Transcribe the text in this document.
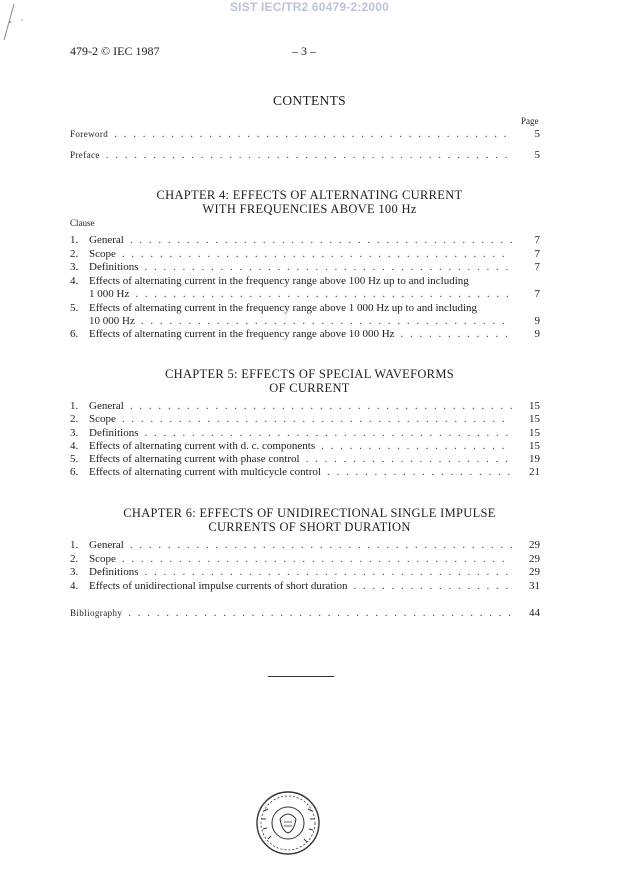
SIST IEC/TR2 60479-2:2000
479-2 © IEC 1987	– 3 –
CONTENTS
Page
Foreword . . .	5
Preface . . .	5
CHAPTER 4: EFFECTS OF ALTERNATING CURRENT
WITH FREQUENCIES ABOVE 100 Hz
Clause
1. General . . .	7
2. Scope . . .	7
3. Definitions . . .	7
4. Effects of alternating current in the frequency range above 100 Hz up to and including
1 000 Hz . . .	7
5. Effects of alternating current in the frequency range above 1 000 Hz up to and including
10 000 Hz . . .	9
6. Effects of alternating current in the frequency range above 10 000 Hz . . .	9
CHAPTER 5: EFFECTS OF SPECIAL WAVEFORMS
OF CURRENT
1. General . . .	15
2. Scope . . .	15
3. Definitions . . .	15
4. Effects of alternating current with d. c. components . . .	15
5. Effects of alternating current with phase control . . .	19
6. Effects of alternating current with multicycle control . . .	21
CHAPTER 6: EFFECTS OF UNIDIRECTIONAL SINGLE IMPULSE
CURRENTS OF SHORT DURATION
1. General . . .	29
2. Scope . . .	29
3. Definitions . . .	29
4. Effects of unidirectional impulse currents of short duration . . .	31
Bibliography . . .	44
